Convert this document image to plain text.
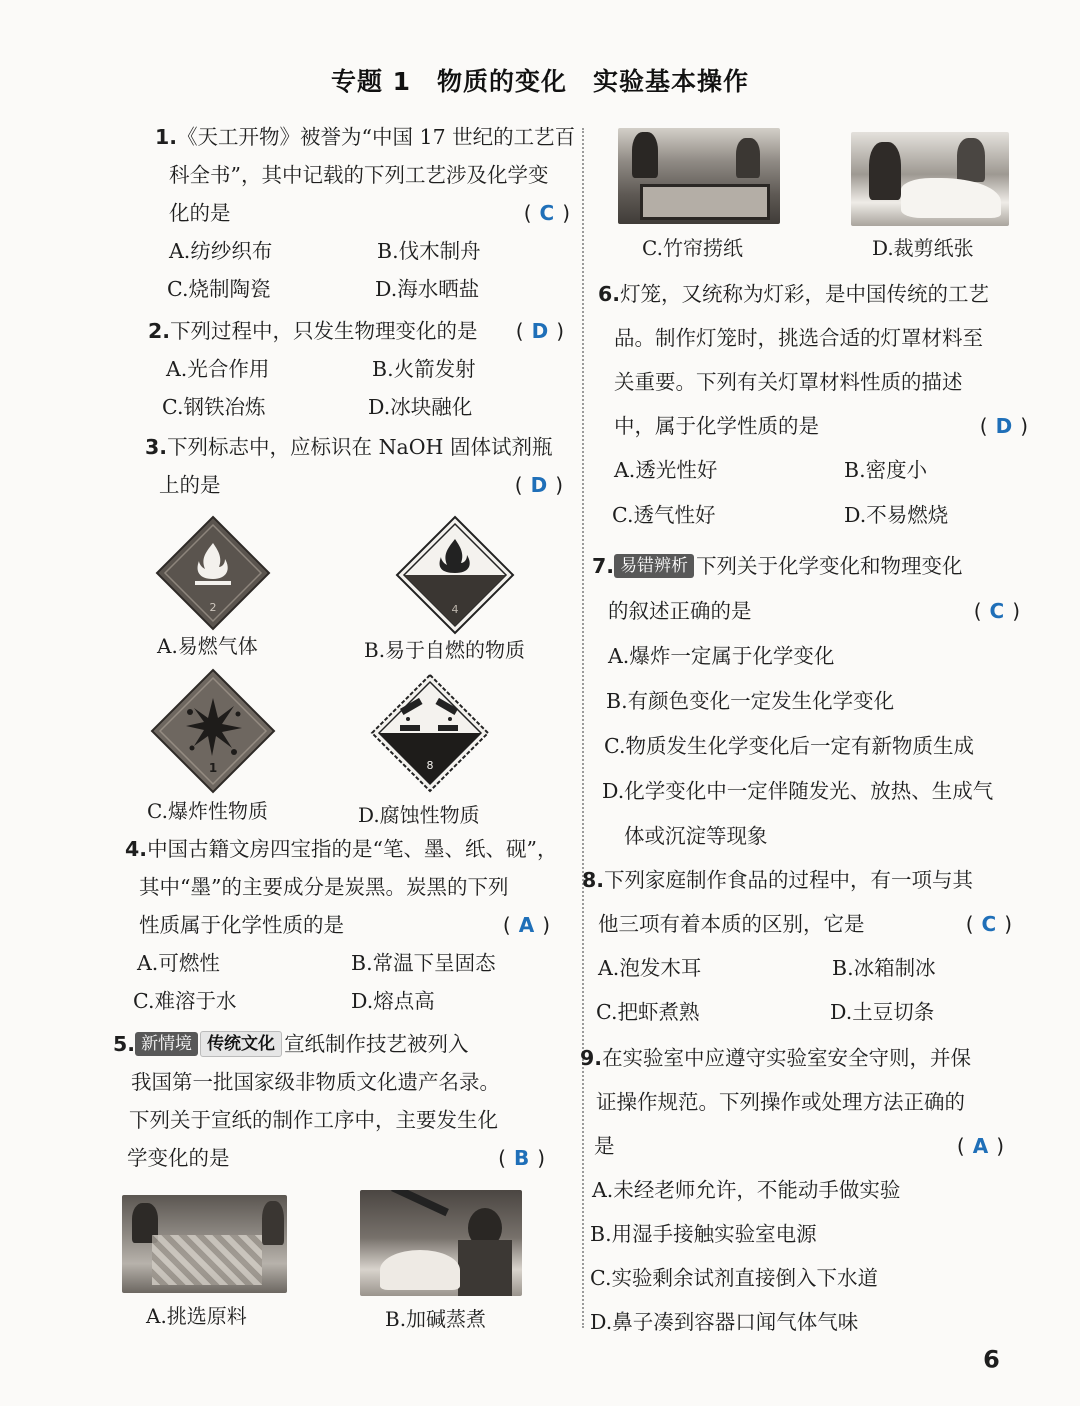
专题 1　物质的变化　实验基本操作

1.《天工开物》被誉为“中国 17 世纪的工艺百

科全书”，其中记载的下列工艺涉及化学变

化的是	( C )

A.纺纱织布	B.伐木制舟
C.烧制陶瓷	D.海水晒盐

2.下列过程中，只发生物理变化的是 ( D )

A.光合作用	B.火箭发射
C.钢铁冶炼	D.冰块融化

3.下列标志中，应标识在 NaOH 固体试剂瓶

上的是	( D )

2	4
A.易燃气体	B.易于自燃的物质
1	8
C.爆炸性物质	D.腐蚀性物质

4.中国古籍文房四宝指的是“笔、墨、纸、砚”，

其中“墨”的主要成分是炭黑。炭黑的下列

性质属于化学性质的是	( A )

A.可燃性	B.常温下呈固态
C.难溶于水	D.熔点高

5. 新情境 传统文化 宣纸制作技艺被列入

我国第一批国家级非物质文化遗产名录。

下列关于宣纸的制作工序中，主要发生化

学变化的是	( B )

A.挑选原料	B.加碱蒸煮
C.竹帘捞纸	D.裁剪纸张

6.灯笼，又统称为灯彩，是中国传统的工艺

品。制作灯笼时，挑选合适的灯罩材料至

关重要。下列有关灯罩材料性质的描述

中，属于化学性质的是	( D )

A.透光性好	B.密度小
C.透气性好	D.不易燃烧

7. 易错辨析 下列关于化学变化和物理变化

的叙述正确的是	( C )

A.爆炸一定属于化学变化

B.有颜色变化一定发生化学变化

C.物质发生化学变化后一定有新物质生成

D.化学变化中一定伴随发光、放热、生成气

体或沉淀等现象

8.下列家庭制作食品的过程中，有一项与其

他三项有着本质的区别，它是	( C )

A.泡发木耳	B.冰箱制冰
C.把虾煮熟	D.土豆切条

9.在实验室中应遵守实验室安全守则，并保

证操作规范。下列操作或处理方法正确的

是	( A )

A.未经老师允许，不能动手做实验

B.用湿手接触实验室电源

C.实验剩余试剂直接倒入下水道

D.鼻子凑到容器口闻气体气味

9
